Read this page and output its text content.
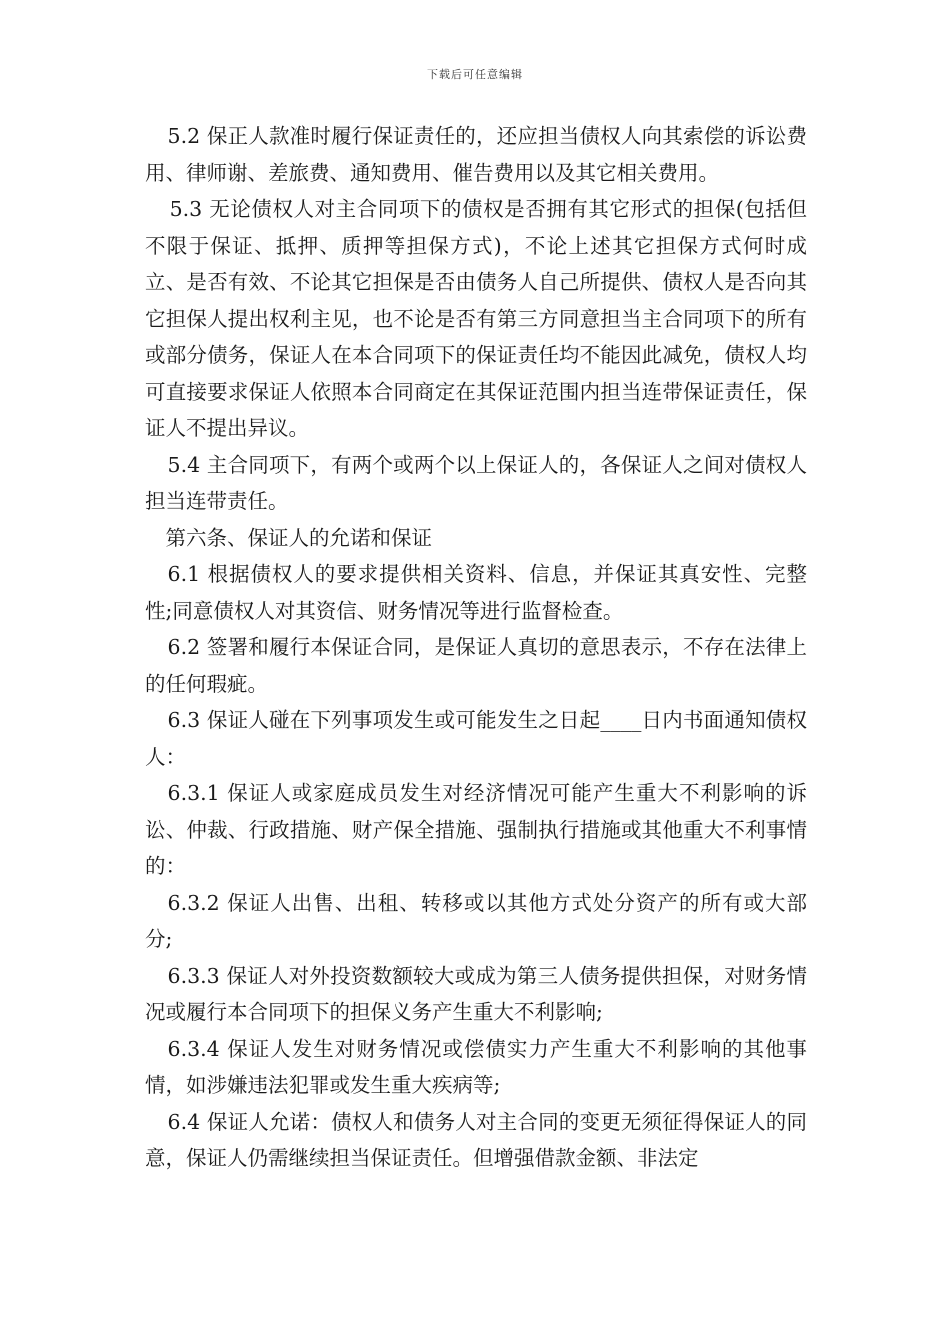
下载后可任意编辑

5.2 保正人款准时履行保证责任的，还应担当债权人向其索偿的诉讼费用、律师谢、差旅费、通知费用、催告费用以及其它相关费用。

5.3 无论债权人对主合同项下的债权是否拥有其它形式的担保(包括但不限于保证、抵押、质押等担保方式)，不论上述其它担保方式何时成立、是否有效、不论其它担保是否由债务人自己所提供、债权人是否向其它担保人提出权利主见，也不论是否有第三方同意担当主合同项下的所有或部分债务，保证人在本合同项下的保证责任均不能因此减免，债权人均可直接要求保证人依照本合同商定在其保证范围内担当连带保证责任，保证人不提出异议。

5.4 主合同项下，有两个或两个以上保证人的，各保证人之间对债权人担当连带责任。

第六条、保证人的允诺和保证

6.1 根据债权人的要求提供相关资料、信息，并保证其真安性、完整性;同意债权人对其资信、财务情况等进行监督检查。

6.2 签署和履行本保证合同，是保证人真切的意思表示，不存在法律上的任何瑕疵。

6.3 保证人碰在下列事项发生或可能发生之日起____日内书面通知债权人：

6.3.1 保证人或家庭成员发生对经济情况可能产生重大不利影响的诉讼、仲裁、行政措施、财产保全措施、强制执行措施或其他重大不利事情的：

6.3.2 保证人出售、出租、转移或以其他方式处分资产的所有或大部分;

6.3.3 保证人对外投资数额较大或成为第三人债务提供担保，对财务情况或履行本合同项下的担保义务产生重大不利影响;

6.3.4 保证人发生对财务情况或偿债实力产生重大不利影响的其他事情，如涉嫌违法犯罪或发生重大疾病等;

6.4 保证人允诺：债权人和债务人对主合同的变更无须征得保证人的同意，保证人仍需继续担当保证责任。但增强借款金额、非法定
